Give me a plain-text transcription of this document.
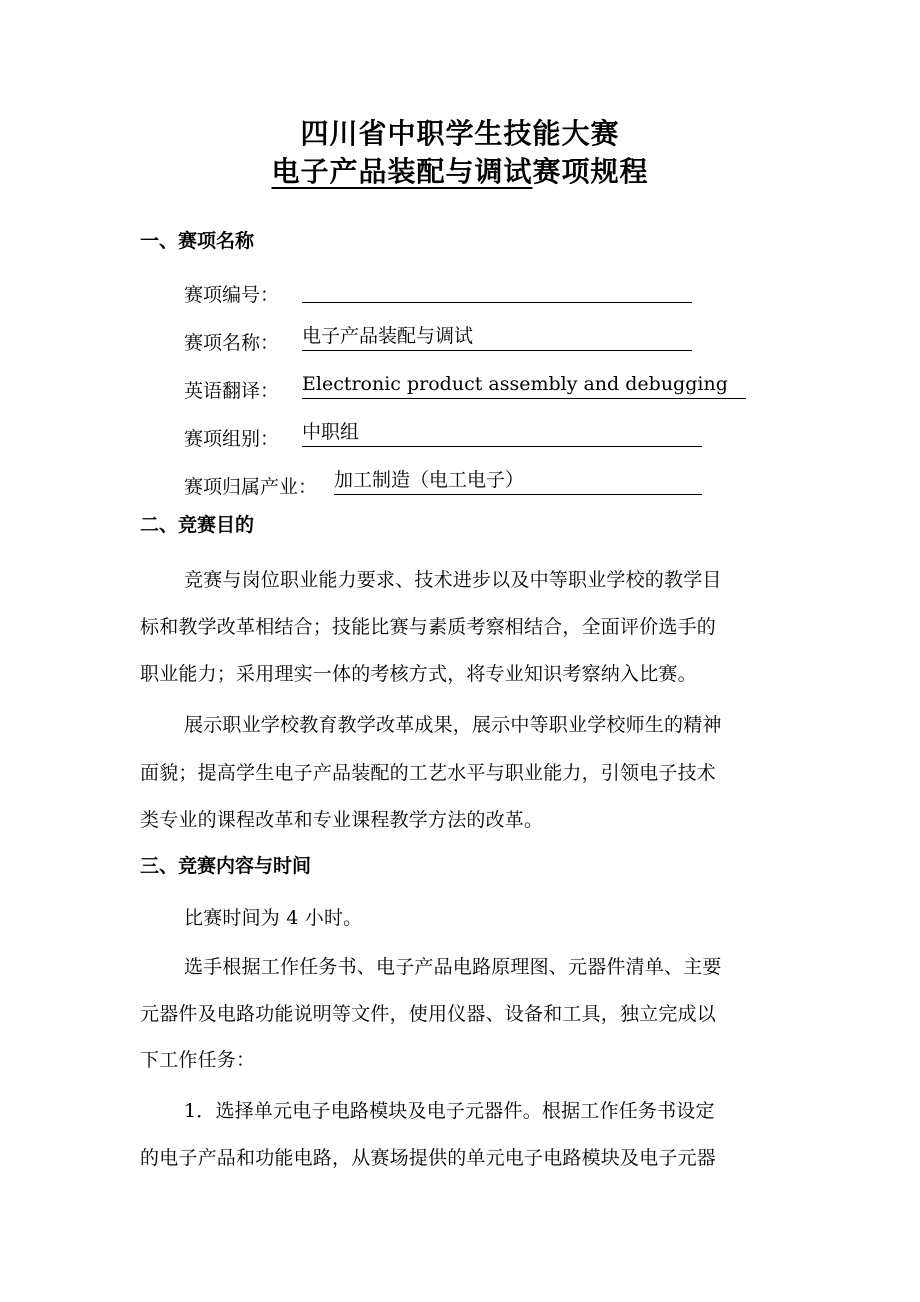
四川省中职学生技能大赛
电子产品装配与调试赛项规程
一、赛项名称
赛项编号：
赛项名称： 电子产品装配与调试
英语翻译： Electronic product assembly and debugging
赛项组别： 中职组
赛项归属产业： 加工制造（电工电子）
二、竞赛目的
竞赛与岗位职业能力要求、技术进步以及中等职业学校的教学目
标和教学改革相结合；技能比赛与素质考察相结合，全面评价选手的
职业能力；采用理实一体的考核方式，将专业知识考察纳入比赛。
展示职业学校教育教学改革成果，展示中等职业学校师生的精神
面貌；提高学生电子产品装配的工艺水平与职业能力，引领电子技术
类专业的课程改革和专业课程教学方法的改革。
三、竞赛内容与时间
比赛时间为 4 小时。
选手根据工作任务书、电子产品电路原理图、元器件清单、主要
元器件及电路功能说明等文件，使用仪器、设备和工具，独立完成以
下工作任务：
1．选择单元电子电路模块及电子元器件。根据工作任务书设定
的电子产品和功能电路，从赛场提供的单元电子电路模块及电子元器
